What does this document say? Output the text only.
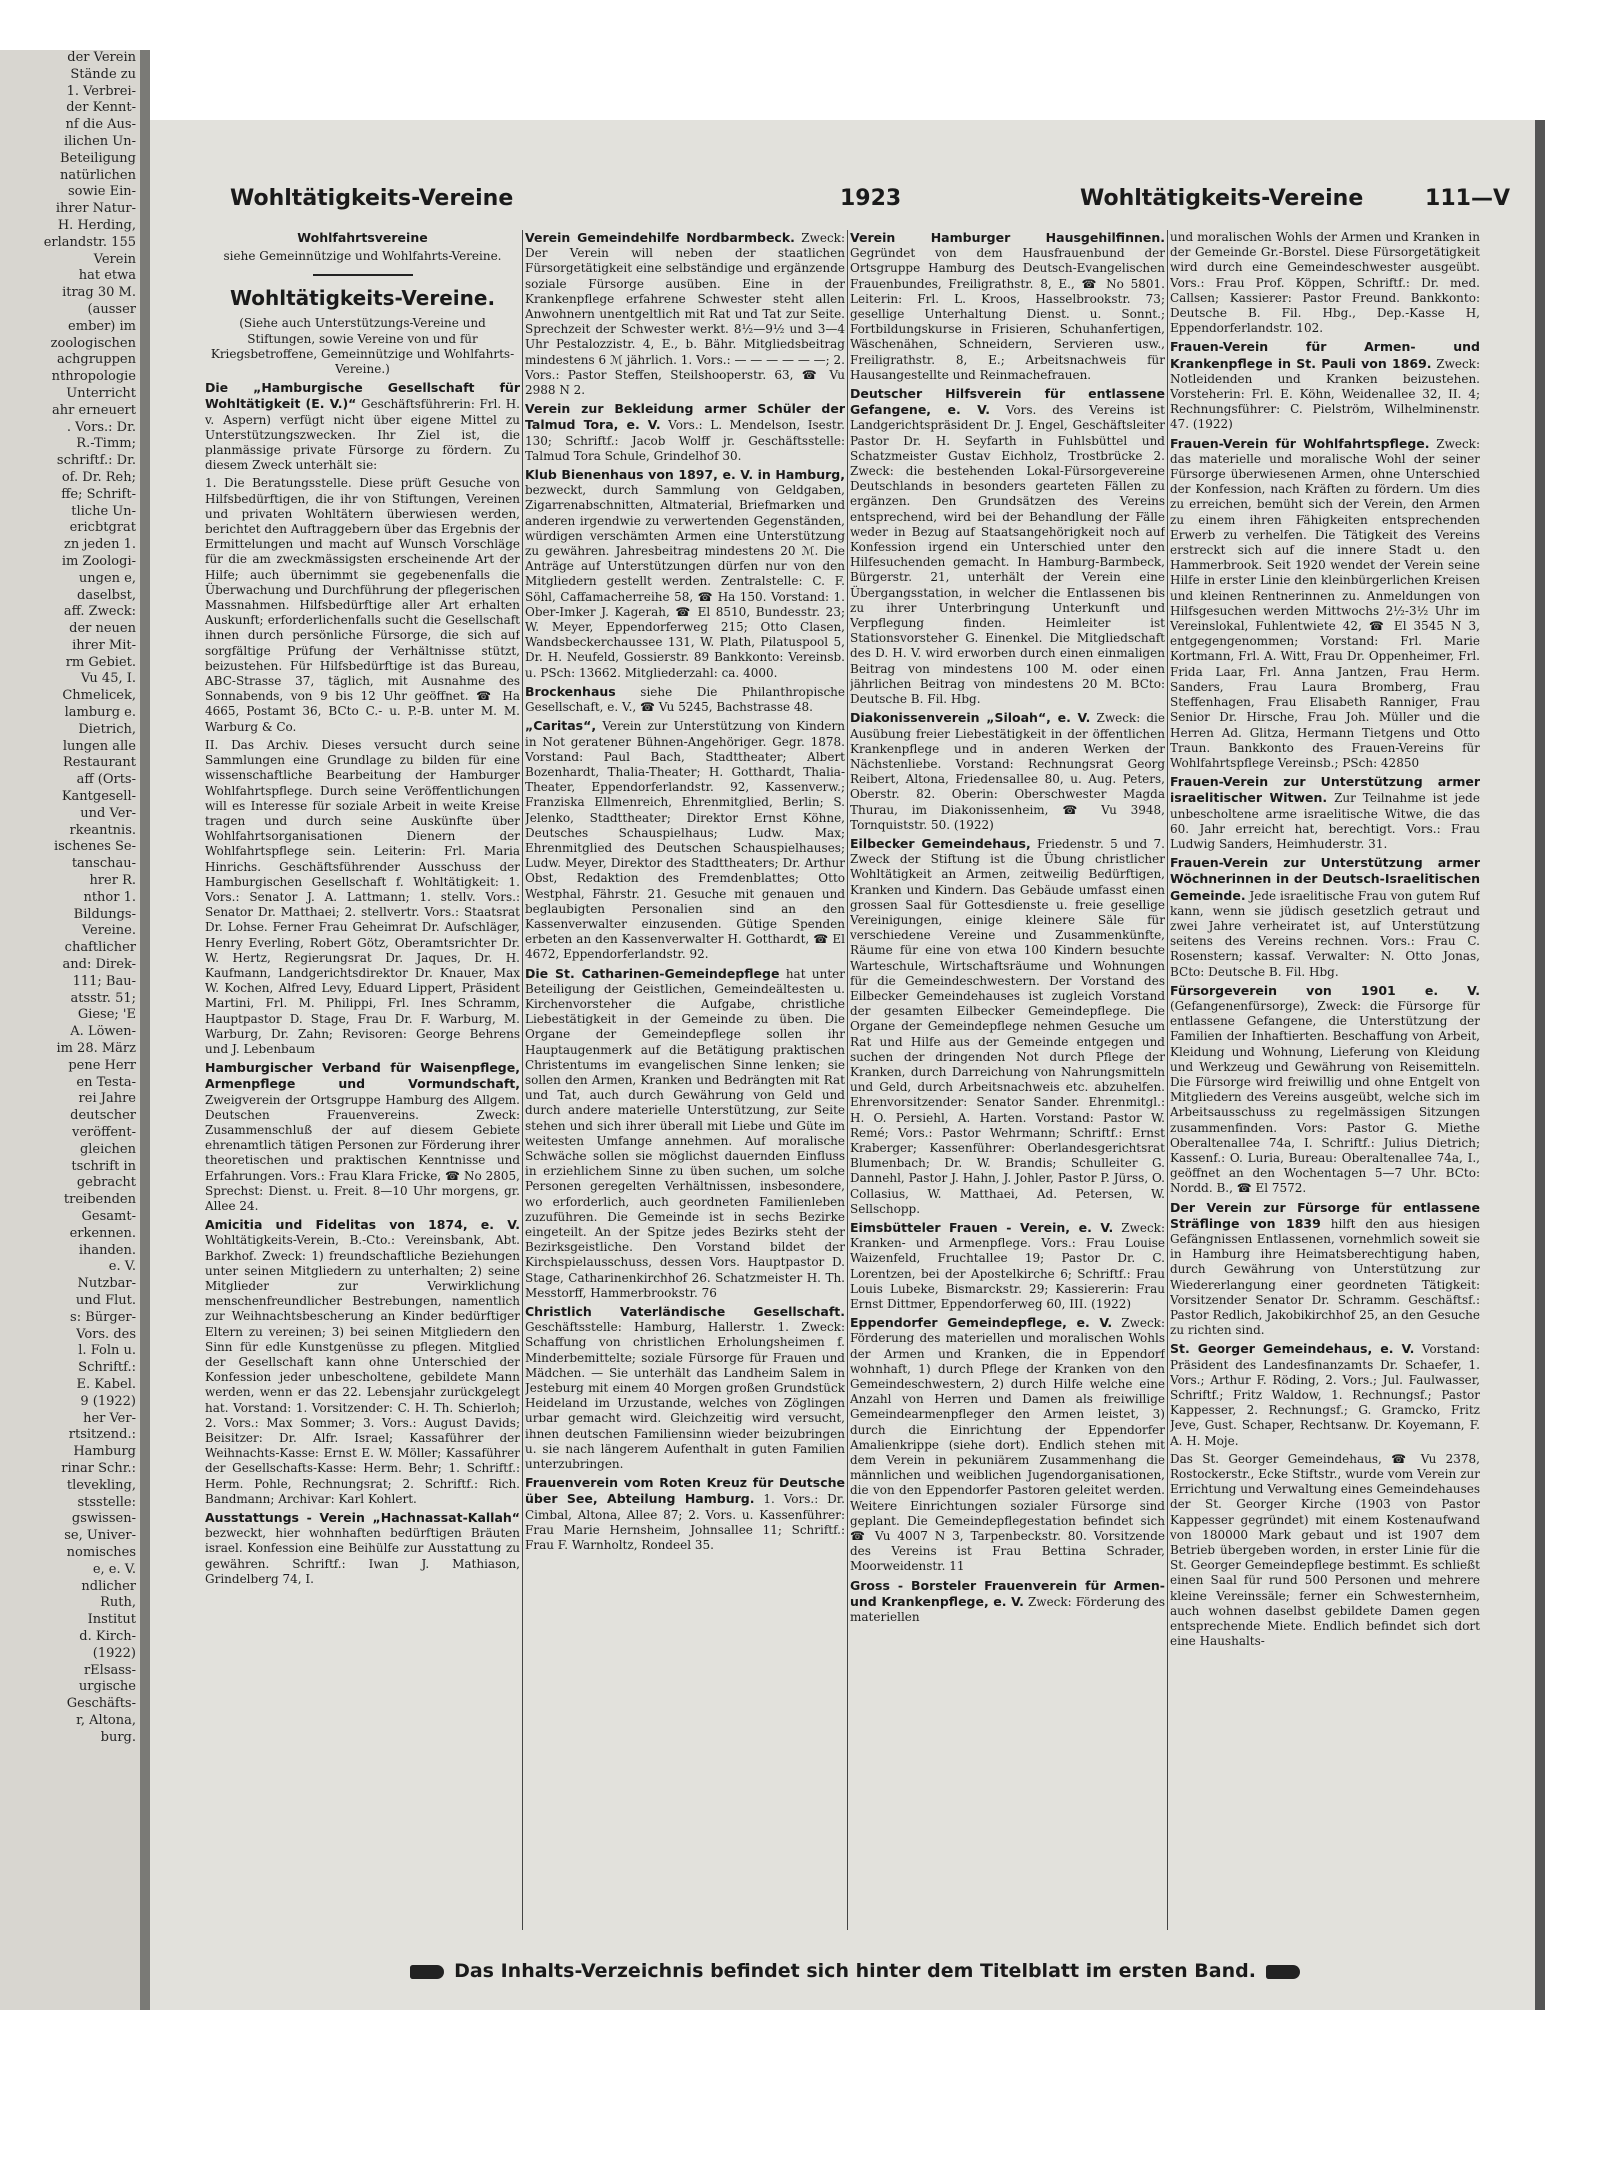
der Verein
Stände zu
1. Verbrei-
der Kennt-
nf die Aus-
ilichen Un-
Beteiligung
natürlichen
sowie Ein-
ihrer Natur-
H. Herding,
erlandstr. 155
Verein
hat etwa
itrag 30 M.
(ausser
ember) im
zoologischen
achgruppen
nthropologie
Unterricht
ahr erneuert
. Vors.: Dr.
R.-Timm;
schriftf.: Dr.
of. Dr. Reh;
ffe; Schrift-
tliche Un-
ericbtgrat
zn jeden 1.
im Zoologi-
ungen e,
daselbst,
aff. Zweck:
der neuen
ihrer Mit-
rm Gebiet.
Vu 45, I.
Chmelicek,
lamburg e.
Dietrich,
lungen alle
Restaurant
aff (Orts-
Kantgesell-
und Ver-
rkeantnis.
ischenes Se-
tanschau-
hrer R.
nthor 1.
Bildungs-
Vereine.
chaftlicher
and: Direk-
111; Bau-
atsstr. 51;
Giese; 'E
A. Löwen-
im 28. März
pene Herr
en Testa-
rei Jahre
deutscher
veröffent-
gleichen
tschrift in
gebracht
treibenden
Gesamt-
erkennen.
ihanden.
e. V.
Nutzbar-
und Flut.
s: Bürger-
Vors. des
l. Foln u.
Schriftf.:
E. Kabel.
9 (1922)
her Ver-
rtsitzend.:
Hamburg
rinar Schr.:
tlevekling,
stsstelle:
gswissen-
se, Univer-
nomisches
e, e. V.
ndlicher
Ruth,
Institut
d. Kirch-
(1922)
rElsass-
urgische
Geschäfts-
r, Altona,
burg.
Wohltätigkeits-Vereine	1923	Wohltätigkeits-Vereine	111—V

Wohlfahrtsvereine

siehe Gemeinnützige und Wohlfahrts-Vereine.

Wohltätigkeits-Vereine.

(Siehe auch Unterstützungs-Vereine und Stiftungen, sowie Vereine von und für Kriegsbetroffene, Gemeinnützige und Wohlfahrts-Vereine.)

Die „Hamburgische Gesellschaft für Wohltätigkeit (E. V.)“ Geschäftsführerin: Frl. H. v. Aspern) verfügt nicht über eigene Mittel zu Unterstützungszwecken. Ihr Ziel ist, die planmässige private Fürsorge zu fördern. Zu diesem Zweck unterhält sie:

1. Die Beratungsstelle. Diese prüft Gesuche von Hilfsbedürftigen, die ihr von Stiftungen, Vereinen und privaten Wohltätern überwiesen werden, berichtet den Auftraggebern über das Ergebnis der Ermittelungen und macht auf Wunsch Vorschläge für die am zweckmässigsten erscheinende Art der Hilfe; auch übernimmt sie gegebenenfalls die Überwachung und Durchführung der pflegerischen Massnahmen. Hilfsbedürftige aller Art erhalten Auskunft; erforderlichenfalls sucht die Gesellschaft ihnen durch persönliche Fürsorge, die sich auf sorgfältige Prüfung der Verhältnisse stützt, beizustehen. Für Hilfsbedürftige ist das Bureau, ABC-Strasse 37, täglich, mit Ausnahme des Sonnabends, von 9 bis 12 Uhr geöffnet. ☎ Ha 4665, Postamt 36, BCto C.- u. P.-B. unter M. M. Warburg & Co.

II. Das Archiv. Dieses versucht durch seine Sammlungen eine Grundlage zu bilden für eine wissenschaftliche Bearbeitung der Hamburger Wohlfahrtspflege. Durch seine Veröffentlichungen will es Interesse für soziale Arbeit in weite Kreise tragen und durch seine Auskünfte über Wohlfahrtsorganisationen Dienern der Wohlfahrtspflege sein. Leiterin: Frl. Maria Hinrichs. Geschäftsführender Ausschuss der Hamburgischen Gesellschaft f. Wohltätigkeit: 1. Vors.: Senator J. A. Lattmann; 1. stellv. Vors.: Senator Dr. Matthaei; 2. stellvertr. Vors.: Staatsrat Dr. Lohse. Ferner Frau Geheimrat Dr. Aufschläger, Henry Everling, Robert Götz, Oberamtsrichter Dr. W. Hertz, Regierungsrat Dr. Jaques, Dr. H. Kaufmann, Landgerichtsdirektor Dr. Knauer, Max W. Kochen, Alfred Levy, Eduard Lippert, Präsident Martini, Frl. M. Philippi, Frl. Ines Schramm, Hauptpastor D. Stage, Frau Dr. F. Warburg, M. Warburg, Dr. Zahn; Revisoren: George Behrens und J. Lebenbaum

Hamburgischer Verband für Waisenpflege, Armenpflege und Vormundschaft, Zweigverein der Ortsgruppe Hamburg des Allgem. Deutschen Frauenvereins. Zweck: Zusammenschluß der auf diesem Gebiete ehrenamtlich tätigen Personen zur Förderung ihrer theoretischen und praktischen Kenntnisse und Erfahrungen. Vors.: Frau Klara Fricke, ☎ No 2805, Sprechst: Dienst. u. Freit. 8—10 Uhr morgens, gr. Allee 24.

Amicitia und Fidelitas von 1874, e. V. Wohltätigkeits-Verein, B.-Cto.: Vereinsbank, Abt. Barkhof. Zweck: 1) freundschaftliche Beziehungen unter seinen Mitgliedern zu unterhalten; 2) seine Mitglieder zur Verwirklichung menschenfreundlicher Bestrebungen, namentlich zur Weihnachtsbescherung an Kinder bedürftiger Eltern zu vereinen; 3) bei seinen Mitgliedern den Sinn für edle Kunstgenüsse zu pflegen. Mitglied der Gesellschaft kann ohne Unterschied der Konfession jeder unbescholtene, gebildete Mann werden, wenn er das 22. Lebensjahr zurückgelegt hat. Vorstand: 1. Vorsitzender: C. H. Th. Schierloh; 2. Vors.: Max Sommer; 3. Vors.: August Davids; Beisitzer: Dr. Alfr. Israel; Kassaführer der Weihnachts-Kasse: Ernst E. W. Möller; Kassaführer der Gesellschafts-Kasse: Herm. Behr; 1. Schriftf.: Herm. Pohle, Rechnungsrat; 2. Schriftf.: Rich. Bandmann; Archivar: Karl Kohlert.

Ausstattungs - Verein „Hachnassat-Kallah“ bezweckt, hier wohnhaften bedürftigen Bräuten israel. Konfession eine Beihülfe zur Ausstattung zu gewähren. Schriftf.: Iwan J. Mathiason, Grindelberg 74, I.

Verein Gemeindehilfe Nordbarmbeck. Zweck: Der Verein will neben der staatlichen Fürsorgetätigkeit eine selbständige und ergänzende soziale Fürsorge ausüben. Eine in der Krankenpflege erfahrene Schwester steht allen Anwohnern unentgeltlich mit Rat und Tat zur Seite. Sprechzeit der Schwester werkt. 8½—9½ und 3—4 Uhr Pestalozzistr. 4, E., b. Bähr. Mitgliedsbeitrag mindestens 6 ℳ jährlich. 1. Vors.: — — — — — —; 2. Vors.: Pastor Steffen, Steilshooperstr. 63, ☎ Vu 2988 N 2.

Verein zur Bekleidung armer Schüler der Talmud Tora, e. V. Vors.: L. Mendelson, Isestr. 130; Schriftf.: Jacob Wolff jr. Geschäftsstelle: Talmud Tora Schule, Grindelhof 30.

Klub Bienenhaus von 1897, e. V. in Hamburg, bezweckt, durch Sammlung von Geldgaben, Zigarrenabschnitten, Altmaterial, Briefmarken und anderen irgendwie zu verwertenden Gegenständen, würdigen verschämten Armen eine Unterstützung zu gewähren. Jahresbeitrag mindestens 20 ℳ. Die Anträge auf Unterstützungen dürfen nur von den Mitgliedern gestellt werden. Zentralstelle: C. F. Söhl, Caffamacherreihe 58, ☎ Ha 150. Vorstand: 1. Ober-Imker J. Kagerah, ☎ El 8510, Bundesstr. 23; W. Meyer, Eppendorferweg 215; Otto Clasen, Wandsbeckerchaussee 131, W. Plath, Pilatuspool 5, Dr. H. Neufeld, Gossierstr. 89 Bankkonto: Vereinsb. u. PSch: 13662. Mitgliederzahl: ca. 4000.

Brockenhaus siehe Die Philanthropische Gesellschaft, e. V., ☎ Vu 5245, Bachstrasse 48.

„Caritas“, Verein zur Unterstützung von Kindern in Not geratener Bühnen-Angehöriger. Gegr. 1878. Vorstand: Paul Bach, Stadttheater; Albert Bozenhardt, Thalia-Theater; H. Gotthardt, Thalia-Theater, Eppendorferlandstr. 92, Kassenverw.; Franziska Ellmenreich, Ehrenmitglied, Berlin; S. Jelenko, Stadttheater; Direktor Ernst Köhne, Deutsches Schauspielhaus; Ludw. Max; Ehrenmitglied des Deutschen Schauspielhauses; Ludw. Meyer, Direktor des Stadttheaters; Dr. Arthur Obst, Redaktion des Fremdenblattes; Otto Westphal, Fährstr. 21. Gesuche mit genauen und beglaubigten Personalien sind an den Kassenverwalter einzusenden. Gütige Spenden erbeten an den Kassenverwalter H. Gotthardt, ☎ El 4672, Eppendorferlandstr. 92.

Die St. Catharinen-Gemeindepflege hat unter Beteiligung der Geistlichen, Gemeindeältesten u. Kirchenvorsteher die Aufgabe, christliche Liebestätigkeit in der Gemeinde zu üben. Die Organe der Gemeindepflege sollen ihr Hauptaugenmerk auf die Betätigung praktischen Christentums im evangelischen Sinne lenken; sie sollen den Armen, Kranken und Bedrängten mit Rat und Tat, auch durch Gewährung von Geld und durch andere materielle Unterstützung, zur Seite stehen und sich ihrer überall mit Liebe und Güte im weitesten Umfange annehmen. Auf moralische Schwäche sollen sie möglichst dauernden Einfluss in erziehlichem Sinne zu üben suchen, um solche Personen geregelten Verhältnissen, insbesondere, wo erforderlich, auch geordneten Familienleben zuzuführen. Die Gemeinde ist in sechs Bezirke eingeteilt. An der Spitze jedes Bezirks steht der Bezirksgeistliche. Den Vorstand bildet der Kirchspielausschuss, dessen Vors. Hauptpastor D. Stage, Catharinenkirchhof 26. Schatzmeister H. Th. Messtorff, Hammerbrookstr. 76

Christlich Vaterländische Gesellschaft. Geschäftsstelle: Hamburg, Hallerstr. 1. Zweck: Schaffung von christlichen Erholungsheimen f. Minderbemittelte; soziale Fürsorge für Frauen und Mädchen. — Sie unterhält das Landheim Salem in Jesteburg mit einem 40 Morgen großen Grundstück Heideland im Urzustande, welches von Zöglingen urbar gemacht wird. Gleichzeitig wird versucht, ihnen deutschen Familiensinn wieder beizubringen u. sie nach längerem Aufenthalt in guten Familien unterzubringen.

Frauenverein vom Roten Kreuz für Deutsche über See, Abteilung Hamburg. 1. Vors.: Dr. Cimbal, Altona, Allee 87; 2. Vors. u. Kassenführer: Frau Marie Hernsheim, Johnsallee 11; Schriftf.: Frau F. Warnholtz, Rondeel 35.

Verein Hamburger Hausgehilfinnen. Gegründet von dem Hausfrauenbund der Ortsgruppe Hamburg des Deutsch-Evangelischen Frauenbundes, Freiligrathstr. 8, E., ☎ No 5801. Leiterin: Frl. L. Kroos, Hasselbrookstr. 73; gesellige Unterhaltung Dienst. u. Sonnt.; Fortbildungskurse in Frisieren, Schuhanfertigen, Wäschenähen, Schneidern, Servieren usw., Freiligrathstr. 8, E.; Arbeitsnachweis für Hausangestellte und Reinmachefrauen.

Deutscher Hilfsverein für entlassene Gefangene, e. V. Vors. des Vereins ist Landgerichtspräsident Dr. J. Engel, Geschäftsleiter Pastor Dr. H. Seyfarth in Fuhlsbüttel und Schatzmeister Gustav Eichholz, Trostbrücke 2. Zweck: die bestehenden Lokal-Fürsorgevereine Deutschlands in besonders gearteten Fällen zu ergänzen. Den Grundsätzen des Vereins entsprechend, wird bei der Behandlung der Fälle weder in Bezug auf Staatsangehörigkeit noch auf Konfession irgend ein Unterschied unter den Hilfesuchenden gemacht. In Hamburg-Barmbeck, Bürgerstr. 21, unterhält der Verein eine Übergangsstation, in welcher die Entlassenen bis zu ihrer Unterbringung Unterkunft und Verpflegung finden. Heimleiter ist Stationsvorsteher G. Einenkel. Die Mitgliedschaft des D. H. V. wird erworben durch einen einmaligen Beitrag von mindestens 100 M. oder einen jährlichen Beitrag von mindestens 20 M. BCto: Deutsche B. Fil. Hbg.

Diakonissenverein „Siloah“, e. V. Zweck: die Ausübung freier Liebestätigkeit in der öffentlichen Krankenpflege und in anderen Werken der Nächstenliebe. Vorstand: Rechnungsrat Georg Reibert, Altona, Friedensallee 80, u. Aug. Peters, Oberstr. 82. Oberin: Oberschwester Magda Thurau, im Diakonissenheim, ☎ Vu 3948, Tornquiststr. 50. (1922)

Eilbecker Gemeindehaus, Friedenstr. 5 und 7. Zweck der Stiftung ist die Übung christlicher Wohltätigkeit an Armen, zeitweilig Bedürftigen, Kranken und Kindern. Das Gebäude umfasst einen grossen Saal für Gottesdienste u. freie gesellige Vereinigungen, einige kleinere Säle für verschiedene Vereine und Zusammenkünfte, Räume für eine von etwa 100 Kindern besuchte Warteschule, Wirtschaftsräume und Wohnungen für die Gemeindeschwestern. Der Vorstand des Eilbecker Gemeindehauses ist zugleich Vorstand der gesamten Eilbecker Gemeindepflege. Die Organe der Gemeindepflege nehmen Gesuche um Rat und Hilfe aus der Gemeinde entgegen und suchen der dringenden Not durch Pflege der Kranken, durch Darreichung von Nahrungsmitteln und Geld, durch Arbeitsnachweis etc. abzuhelfen. Ehrenvorsitzender: Senator Sander. Ehrenmitgl.: H. O. Persiehl, A. Harten. Vorstand: Pastor W. Remé; Vors.: Pastor Wehrmann; Schriftf.: Ernst Kraberger; Kassenführer: Oberlandesgerichtsrat Blumenbach; Dr. W. Brandis; Schulleiter G. Dannehl, Pastor J. Hahn, J. Johler, Pastor P. Jürss, O. Collasius, W. Matthaei, Ad. Petersen, W. Sellschopp.

Eimsbütteler Frauen - Verein, e. V. Zweck: Kranken- und Armenpflege. Vors.: Frau Louise Waizenfeld, Fruchtallee 19; Pastor Dr. C. Lorentzen, bei der Apostelkirche 6; Schriftf.: Frau Louis Lubeke, Bismarckstr. 29; Kassiererin: Frau Ernst Dittmer, Eppendorferweg 60, III. (1922)

Eppendorfer Gemeindepflege, e. V. Zweck: Förderung des materiellen und moralischen Wohls der Armen und Kranken, die in Eppendorf wohnhaft, 1) durch Pflege der Kranken von den Gemeindeschwestern, 2) durch Hilfe welche eine Anzahl von Herren und Damen als freiwillige Gemeindearmenpfleger den Armen leistet, 3) durch die Einrichtung der Eppendorfer Amalienkrippe (siehe dort). Endlich stehen mit dem Verein in pekuniärem Zusammenhang die männlichen und weiblichen Jugendorganisationen, die von den Eppendorfer Pastoren geleitet werden. Weitere Einrichtungen sozialer Fürsorge sind geplant. Die Gemeindepflegestation befindet sich ☎ Vu 4007 N 3, Tarpenbeckstr. 80. Vorsitzende des Vereins ist Frau Bettina Schrader, Moorweidenstr. 11

Gross - Borsteler Frauenverein für Armen- und Krankenpflege, e. V. Zweck: Förderung des materiellen

und moralischen Wohls der Armen und Kranken in der Gemeinde Gr.-Borstel. Diese Fürsorgetätigkeit wird durch eine Gemeindeschwester ausgeübt. Vors.: Frau Prof. Köppen, Schriftf.: Dr. med. Callsen; Kassierer: Pastor Freund. Bankkonto: Deutsche B. Fil. Hbg., Dep.-Kasse H, Eppendorferlandstr. 102.

Frauen-Verein für Armen- und Krankenpflege in St. Pauli von 1869. Zweck: Notleidenden und Kranken beizustehen. Vorsteherin: Frl. E. Köhn, Weidenallee 32, II. 4; Rechnungsführer: C. Pielström, Wilhelminenstr. 47. (1922)

Frauen-Verein für Wohlfahrtspflege. Zweck: das materielle und moralische Wohl der seiner Fürsorge überwiesenen Armen, ohne Unterschied der Konfession, nach Kräften zu fördern. Um dies zu erreichen, bemüht sich der Verein, den Armen zu einem ihren Fähigkeiten entsprechenden Erwerb zu verhelfen. Die Tätigkeit des Vereins erstreckt sich auf die innere Stadt u. den Hammerbrook. Seit 1920 wendet der Verein seine Hilfe in erster Linie den kleinbürgerlichen Kreisen und kleinen Rentnerinnen zu. Anmeldungen von Hilfsgesuchen werden Mittwochs 2½-3½ Uhr im Vereinslokal, Fuhlentwiete 42, ☎ El 3545 N 3, entgegengenommen; Vorstand: Frl. Marie Kortmann, Frl. A. Witt, Frau Dr. Oppenheimer, Frl. Frida Laar, Frl. Anna Jantzen, Frau Herm. Sanders, Frau Laura Bromberg, Frau Steffenhagen, Frau Elisabeth Ranniger, Frau Senior Dr. Hirsche, Frau Joh. Müller und die Herren Ad. Glitza, Hermann Tietgens und Otto Traun. Bankkonto des Frauen-Vereins für Wohlfahrtspflege Vereinsb.; PSch: 42850

Frauen-Verein zur Unterstützung armer israelitischer Witwen. Zur Teilnahme ist jede unbescholtene arme israelitische Witwe, die das 60. Jahr erreicht hat, berechtigt. Vors.: Frau Ludwig Sanders, Heimhuderstr. 31.

Frauen-Verein zur Unterstützung armer Wöchnerinnen in der Deutsch-Israelitischen Gemeinde. Jede israelitische Frau von gutem Ruf kann, wenn sie jüdisch gesetzlich getraut und zwei Jahre verheiratet ist, auf Unterstützung seitens des Vereins rechnen. Vors.: Frau C. Rosenstern; kassaf. Verwalter: N. Otto Jonas, BCto: Deutsche B. Fil. Hbg.

Fürsorgeverein von 1901 e. V. (Gefangenenfürsorge), Zweck: die Fürsorge für entlassene Gefangene, die Unterstützung der Familien der Inhaftierten. Beschaffung von Arbeit, Kleidung und Wohnung, Lieferung von Kleidung und Werkzeug und Gewährung von Reisemitteln. Die Fürsorge wird freiwillig und ohne Entgelt von Mitgliedern des Vereins ausgeübt, welche sich im Arbeitsausschuss zu regelmässigen Sitzungen zusammenfinden. Vors: Pastor G. Miethe Oberaltenallee 74a, I. Schriftf.: Julius Dietrich; Kassenf.: O. Luria, Bureau: Oberaltenallee 74a, I., geöffnet an den Wochentagen 5—7 Uhr. BCto: Nordd. B., ☎ El 7572.

Der Verein zur Fürsorge für entlassene Sträflinge von 1839 hilft den aus hiesigen Gefängnissen Entlassenen, vornehmlich soweit sie in Hamburg ihre Heimatsberechtigung haben, durch Gewährung von Unterstützung zur Wiedererlangung einer geordneten Tätigkeit: Vorsitzender Senator Dr. Schramm. Geschäftsf.: Pastor Redlich, Jakobikirchhof 25, an den Gesuche zu richten sind.

St. Georger Gemeindehaus, e. V. Vorstand: Präsident des Landesfinanzamts Dr. Schaefer, 1. Vors.; Arthur F. Röding, 2. Vors.; Jul. Faulwasser, Schriftf.; Fritz Waldow, 1. Rechnungsf.; Pastor Kappesser, 2. Rechnungsf.; G. Gramcko, Fritz Jeve, Gust. Schaper, Rechtsanw. Dr. Koyemann, F. A. H. Moje.

Das St. Georger Gemeindehaus, ☎ Vu 2378, Rostockerstr., Ecke Stiftstr., wurde vom Verein zur Errichtung und Verwaltung eines Gemeindehauses der St. Georger Kirche (1903 von Pastor Kappesser gegründet) mit einem Kostenaufwand von 180000 Mark gebaut und ist 1907 dem Betrieb übergeben worden, in erster Linie für die St. Georger Gemeindepflege bestimmt. Es schließt einen Saal für rund 500 Personen und mehrere kleine Vereinssäle; ferner ein Schwesternheim, auch wohnen daselbst gebildete Damen gegen entsprechende Miete. Endlich befindet sich dort eine Haushalts-

Das Inhalts-Verzeichnis befindet sich hinter dem Titelblatt im ersten Band.
